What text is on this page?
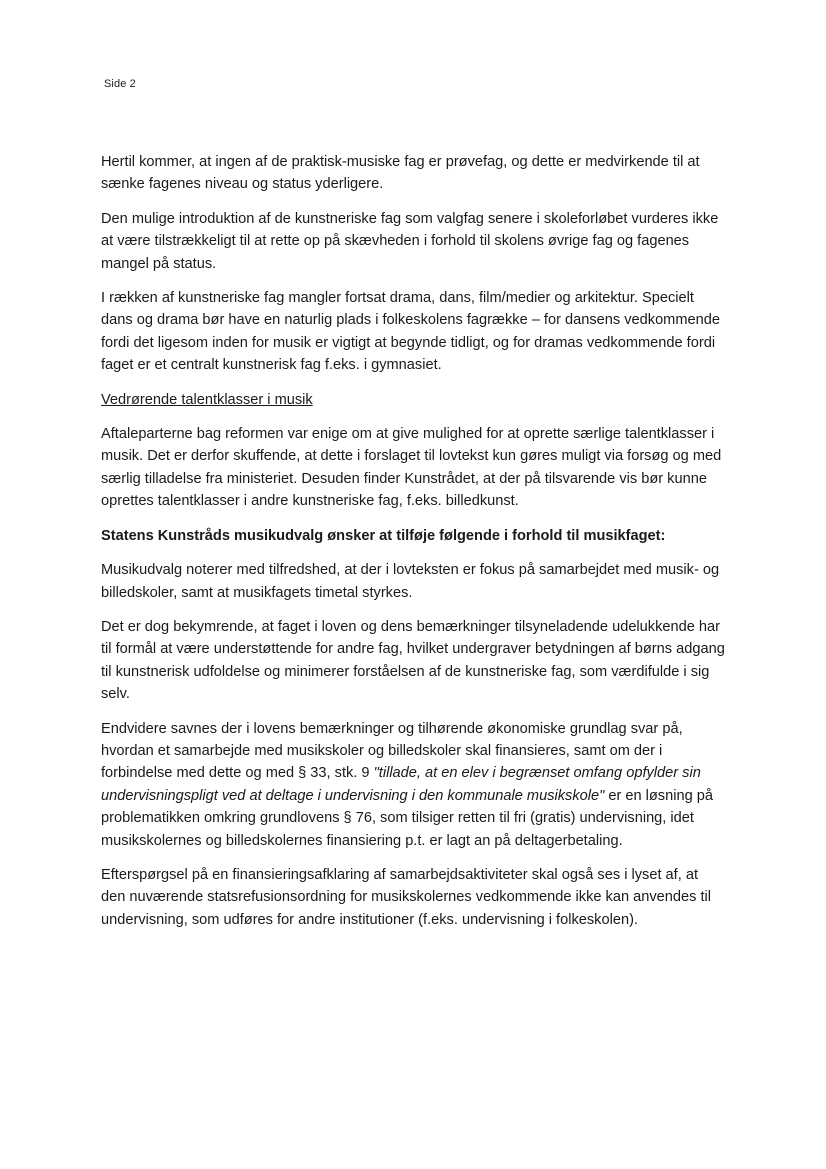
Side 2

Hertil kommer, at ingen af de praktisk-musiske fag er prøvefag, og dette er medvirkende til at sænke fagenes niveau og status yderligere.

Den mulige introduktion af de kunstneriske fag som valgfag senere i skoleforløbet vurderes ikke at være tilstrækkeligt til at rette op på skævheden i forhold til skolens øvrige fag og fagenes mangel på status.

I rækken af kunstneriske fag mangler fortsat drama, dans, film/medier og arkitektur. Specielt dans og drama bør have en naturlig plads i folkeskolens fagrække – for dansens vedkommende fordi det ligesom inden for musik er vigtigt at begynde tidligt, og for dramas vedkommende fordi faget er et centralt kunstnerisk fag f.eks. i gymnasiet.

Vedrørende talentklasser i musik

Aftaleparterne bag reformen var enige om at give mulighed for at oprette særlige talentklasser i musik. Det er derfor skuffende, at dette i forslaget til lovtekst kun gøres muligt via forsøg og med særlig tilladelse fra ministeriet. Desuden finder Kunstrådet, at der på tilsvarende vis bør kunne oprettes talentklasser i andre kunstneriske fag, f.eks. billedkunst.

Statens Kunstråds musikudvalg ønsker at tilføje følgende i forhold til musikfaget:

Musikudvalg noterer med tilfredshed, at der i lovteksten er fokus på samarbejdet med musik- og billedskoler, samt at musikfagets timetal styrkes.

Det er dog bekymrende, at faget i loven og dens bemærkninger tilsyneladende udelukkende har til formål at være understøttende for andre fag, hvilket undergraver betydningen af børns adgang til kunstnerisk udfoldelse og minimerer forståelsen af de kunstneriske fag, som værdifulde i sig selv.

Endvidere savnes der i lovens bemærkninger og tilhørende økonomiske grundlag svar på, hvordan et samarbejde med musikskoler og billedskoler skal finansieres, samt om der i forbindelse med dette og med § 33, stk. 9 "tillade, at en elev i begrænset omfang opfylder sin undervisningspligt ved at deltage i undervisning i den kommunale musikskole" er en løsning på problematikken omkring grundlovens § 76, som tilsiger retten til fri (gratis) undervisning, idet musikskolernes og billedskolernes finansiering p.t. er lagt an på deltagerbetaling.

Efterspørgsel på en finansieringsafklaring af samarbejdsaktiviteter skal også ses i lyset af, at den nuværende statsrefusionsordning for musikskolernes vedkommende ikke kan anvendes til undervisning, som udføres for andre institutioner (f.eks. undervisning i folkeskolen).
